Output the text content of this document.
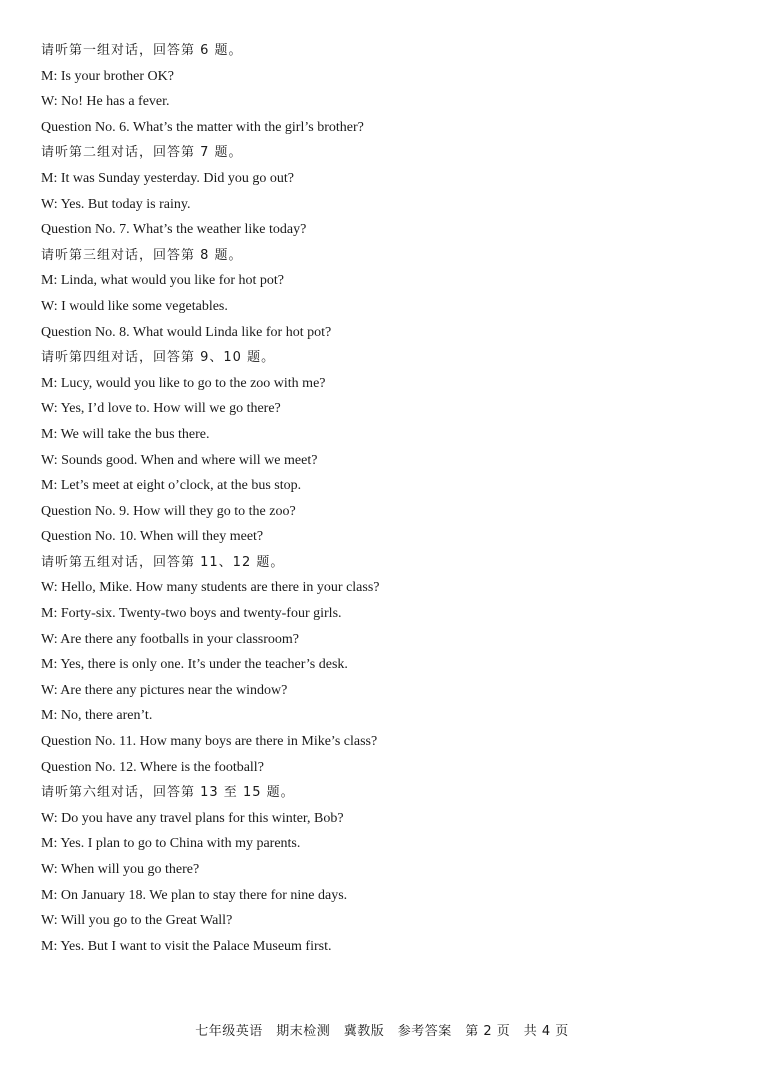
请听第一组对话，回答第 6 题。
M: Is your brother OK?
W: No! He has a fever.
Question No. 6. What’s the matter with the girl’s brother?
请听第二组对话，回答第 7 题。
M: It was Sunday yesterday. Did you go out?
W: Yes. But today is rainy.
Question No. 7. What’s the weather like today?
请听第三组对话，回答第 8 题。
M: Linda, what would you like for hot pot?
W: I would like some vegetables.
Question No. 8. What would Linda like for hot pot?
请听第四组对话，回答第 9、10 题。
M: Lucy, would you like to go to the zoo with me?
W: Yes, I’d love to. How will we go there?
M: We will take the bus there.
W: Sounds good. When and where will we meet?
M: Let’s meet at eight o’clock, at the bus stop.
Question No. 9. How will they go to the zoo?
Question No. 10. When will they meet?
请听第五组对话，回答第 11、12 题。
W: Hello, Mike. How many students are there in your class?
M: Forty-six. Twenty-two boys and twenty-four girls.
W: Are there any footballs in your classroom?
M: Yes, there is only one. It’s under the teacher’s desk.
W: Are there any pictures near the window?
M: No, there aren’t.
Question No. 11. How many boys are there in Mike’s class?
Question No. 12. Where is the football?
请听第六组对话，回答第 13 至 15 题。
W: Do you have any travel plans for this winter, Bob?
M: Yes. I plan to go to China with my parents.
W: When will you go there?
M: On January 18. We plan to stay there for nine days.
W: Will you go to the Great Wall?
M: Yes. But I want to visit the Palace Museum first.
七年级英语　期末检测　冀教版　参考答案　第 2 页　共 4 页
